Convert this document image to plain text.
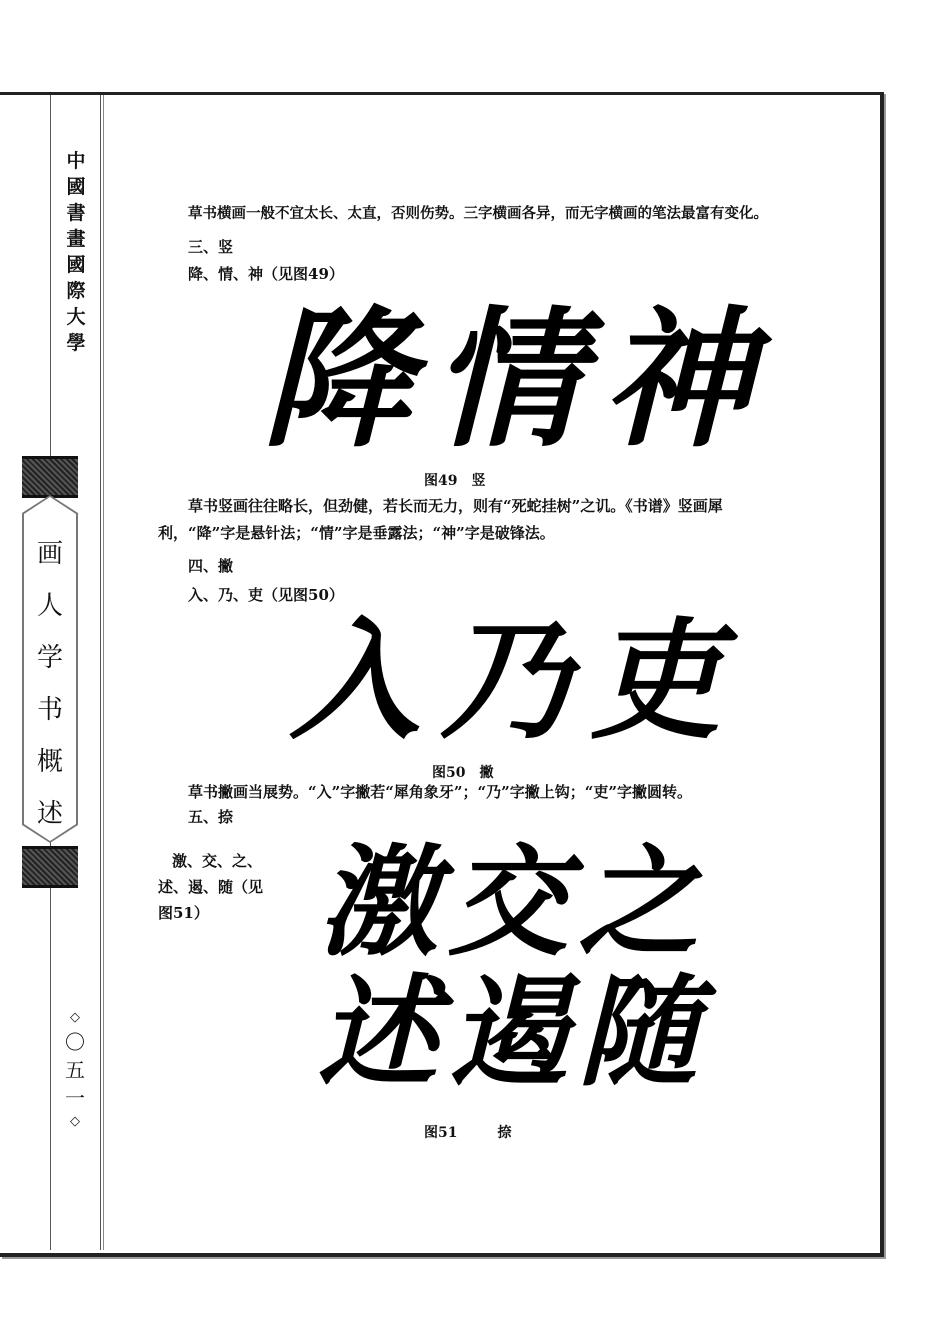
中
國
書
畫
國
際
大
學
画
人
学
书
概
述
◇
〇
五
一
◇
草书横画一般不宜太长、太直，否则伤势。三字横画各异，而无字横画的笔法最富有变化。
三、竖
降、情、神（见图49）
降情神
图49 竖
草书竖画往往略长，但劲健，若长而无力，则有“死蛇挂树”之讥。《书谱》竖画犀
利，“降”字是悬针法；“情”字是垂露法；“神”字是破锋法。
四、撇
入、乃、吏（见图50）
入乃吏
图50 撇
草书撇画当展势。“入”字撇若“犀角象牙”；“乃”字撇上钩；“吏”字撇圆转。
五、捺
激、交、之、
述、遏、随（见
图51） 激交之
述遏随
图51	捺
